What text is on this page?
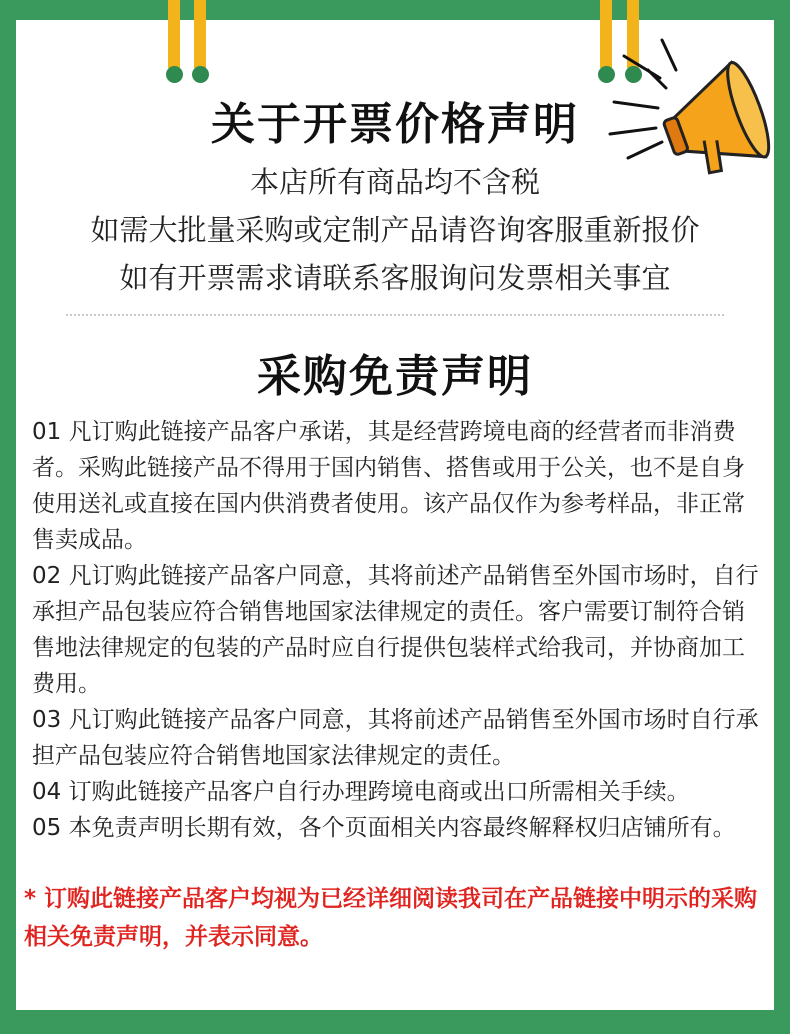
关于开票价格声明
本店所有商品均不含税
如需大批量采购或定制产品请咨询客服重新报价
如有开票需求请联系客服询问发票相关事宜
采购免责声明

01 凡订购此链接产品客户承诺，其是经营跨境电商的经营者而非消费者。采购此链接产品不得用于国内销售、搭售或用于公关，也不是自身使用送礼或直接在国内供消费者使用。该产品仅作为参考样品，非正常售卖成品。

02 凡订购此链接产品客户同意，其将前述产品销售至外国市场时，自行承担产品包装应符合销售地国家法律规定的责任。客户需要订制符合销售地法律规定的包装的产品时应自行提供包装样式给我司，并协商加工费用。

03 凡订购此链接产品客户同意，其将前述产品销售至外国市场时自行承担产品包装应符合销售地国家法律规定的责任。

04 订购此链接产品客户自行办理跨境电商或出口所需相关手续。

05 本免责声明长期有效，各个页面相关内容最终解释权归店铺所有。

* 订购此链接产品客户均视为已经详细阅读我司在产品链接中明示的采购相关免责声明，并表示同意。
